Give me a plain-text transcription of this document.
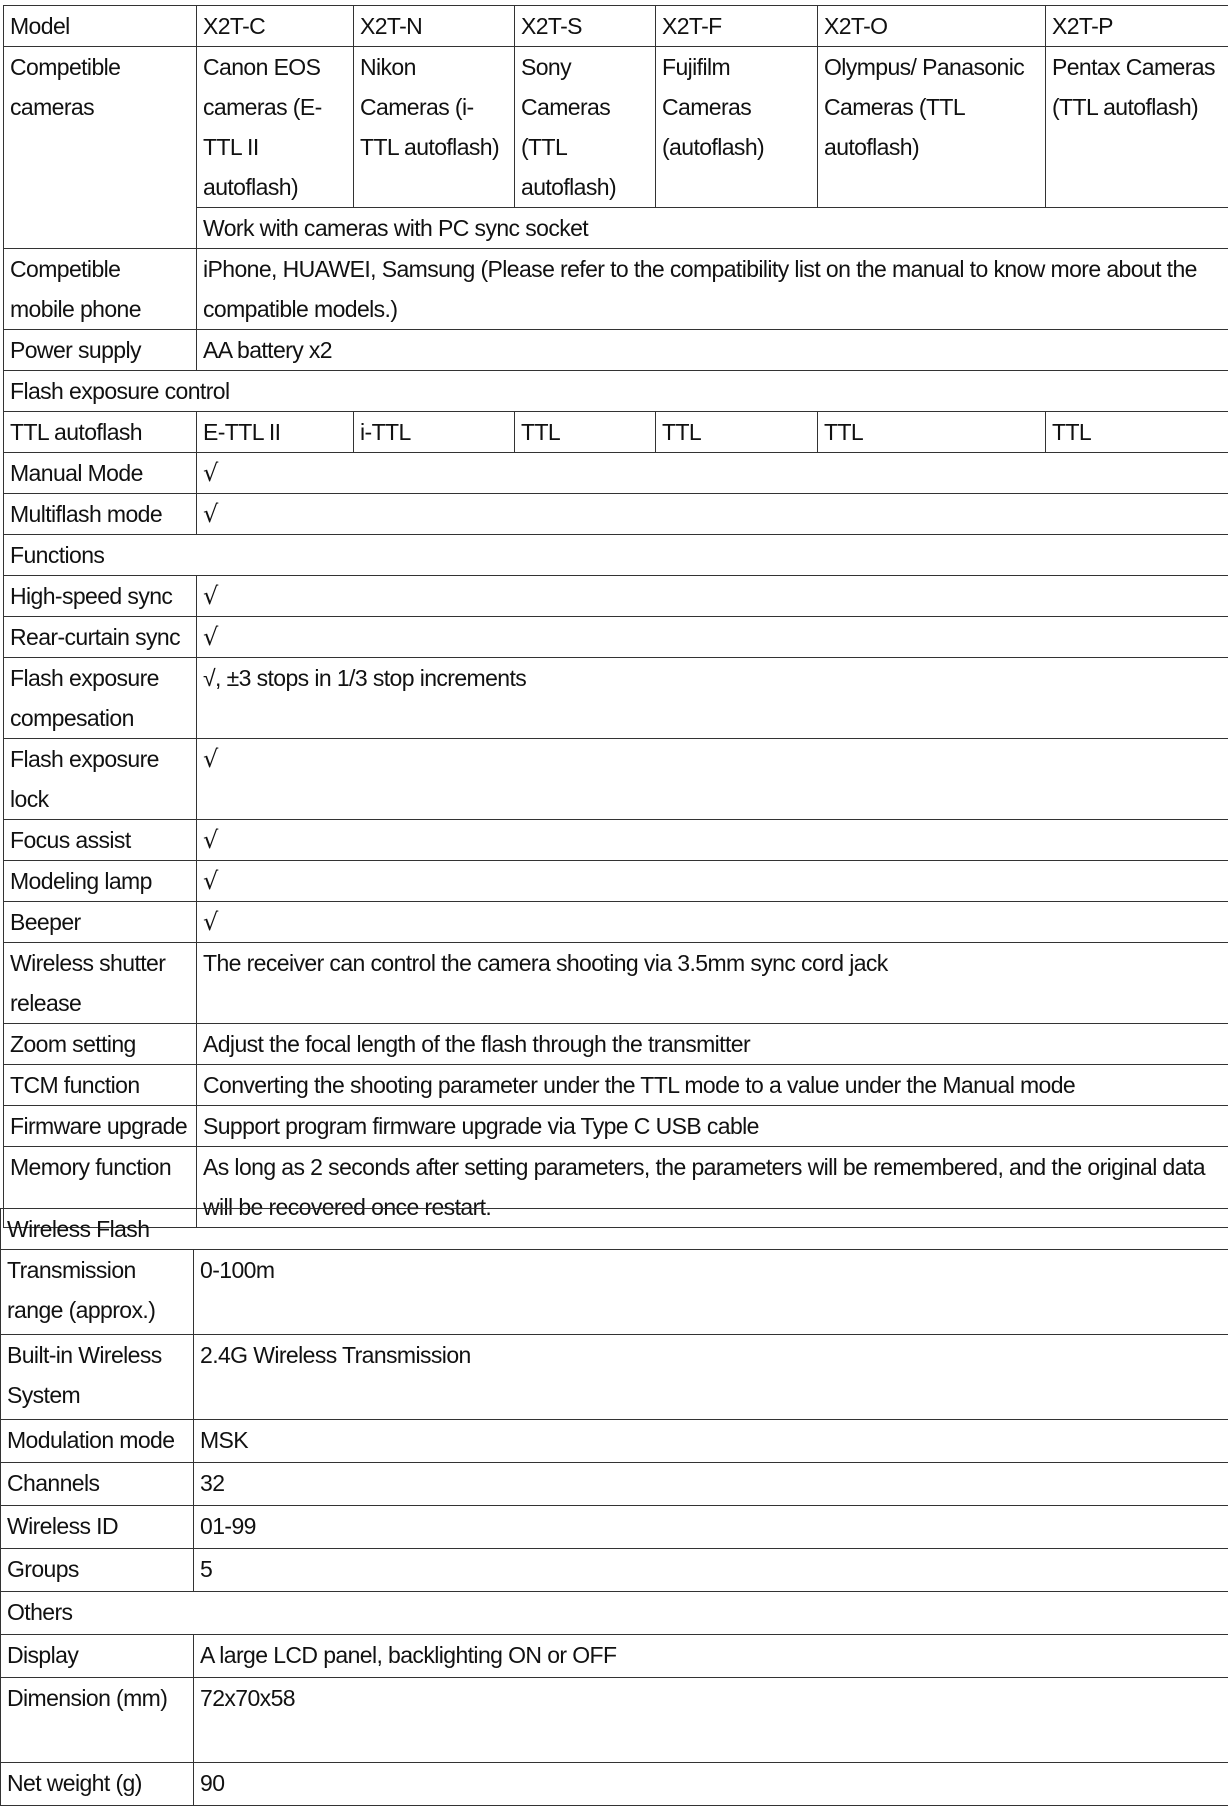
Model	X2T-C	X2T-N	X2T-S	X2T-F	X2T-O	X2T-P
Competible cameras	Canon EOS cameras (E-TTL II autoflash)	Nikon Cameras (i-TTL autoflash)	Sony Cameras (TTL autoflash)	Fujifilm Cameras (autoflash)	Olympus/ Panasonic Cameras (TTL autoflash)	Pentax Cameras (TTL autoflash)
	Work with cameras with PC sync socket					
Competible mobile phone	iPhone, HUAWEI, Samsung (Please refer to the compatibility list on the manual to know more about the compatible models.)					
Power supply	AA battery x2					
Flash exposure control						
TTL autoflash	E-TTL II	i-TTL	TTL	TTL	TTL	TTL
Manual Mode	√					
Multiflash mode	√					
Functions						
High-speed sync	√					
Rear-curtain sync	√					
Flash exposure compesation	√, ±3 stops in 1/3 stop increments					
Flash exposure lock	√					
Focus assist	√					
Modeling lamp	√					
Beeper	√					
Wireless shutter release	The receiver can control the camera shooting via 3.5mm sync cord jack					
Zoom setting	Adjust the focal length of the flash through the transmitter					
TCM function	Converting the shooting parameter under the TTL mode to a value under the Manual mode					
Firmware upgrade	Support program firmware upgrade via Type C USB cable					
Memory function	As long as 2 seconds after setting parameters, the parameters will be remembered, and the original data will be recovered once restart.					
Wireless Flash	
Transmission range (approx.)	0-100m
Built-in Wireless System	2.4G Wireless Transmission
Modulation mode	MSK
Channels	32
Wireless ID	01-99
Groups	5
Others	
Display	A large LCD panel, backlighting ON or OFF
Dimension (mm)	72x70x58
Net weight (g)	90
